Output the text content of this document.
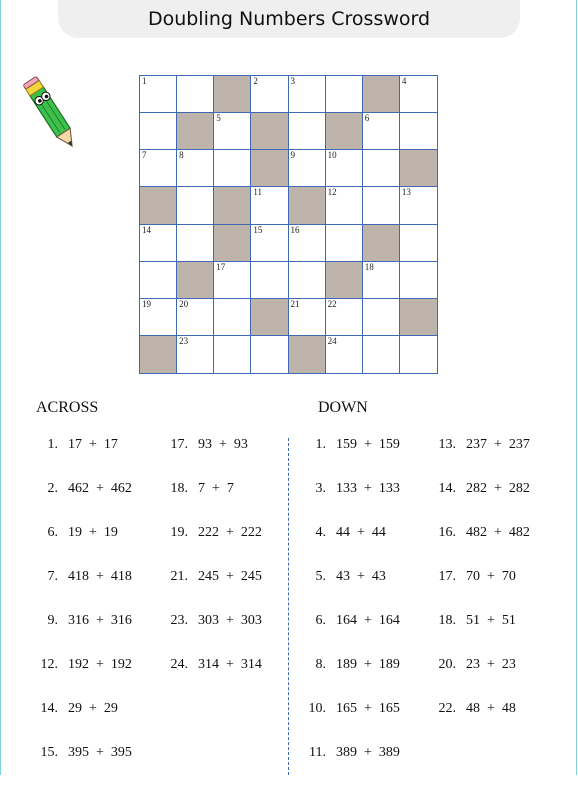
Doubling Numbers Crossword
1	2	3	4
5	6
7	8	9	10
11	12	13
14	15	16
17	18
19	20	21	22
23	24
ACROSS	DOWN
1. 17  +  17
2. 462  +  462
6. 19  +  19
7. 418  +  418
9. 316  +  316
12. 192  +  192
14. 29  +  29
15. 395  +  395
17. 93  +  93
18. 7  +  7
19. 222  +  222
21. 245  +  245
23. 303  +  303
24. 314  +  314
1. 159  +  159
3. 133  +  133
4. 44  +  44
5. 43  +  43
6. 164  +  164
8. 189  +  189
10. 165  +  165
11. 389  +  389
13. 237  +  237
14. 282  +  282
16. 482  +  482
17. 70  +  70
18. 51  +  51
20. 23  +  23
22. 48  +  48
